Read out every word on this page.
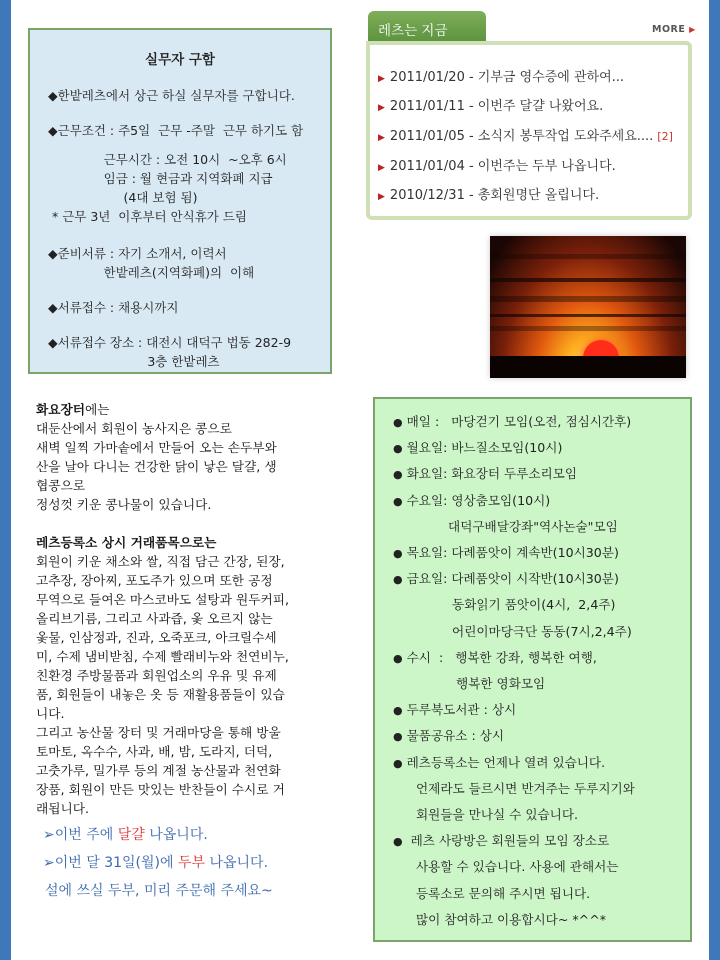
실무자 구함
◆한밭레츠에서 상근 하실 실무자를 구합니다.
◆근무조건 : 주5일  근무 -주말  근무 하기도 함
근무시간 : 오전 10시  ~오후 6시
임금 : 월 현금과 지역화폐 지급
(4대 보험 됨)
* 근무 3년  이후부터 안식휴가 드림
◆준비서류 : 자기 소개서, 이력서
한밭레츠(지역화폐)의  이해
◆서류접수 : 채용시까지
◆서류접수 장소 : 대전시 대덕구 법동 282-9
3층 한밭레츠
레츠는 지금	MORE ▶
▶ 2011/01/20 - 기부금 영수증에 관하여...
▶ 2011/01/11 - 이번주 달걀 나왔어요.
▶ 2011/01/05 - 소식지 봉투작업 도와주세요.... [2]
▶ 2011/01/04 - 이번주는 두부 나옵니다.
▶ 2010/12/31 - 총회원명단 올립니다.
화요장터에는
대둔산에서 회원이 농사지은 콩으로
새벽 일찍 가마솥에서 만들어 오는 손두부와
산을 날아 다니는 건강한 닭이 낳은 달걀, 생
협콩으로
정성껏 키운 콩나물이 있습니다.

레츠등록소 상시 거래품목으로는
회원이 키운 채소와 쌀, 직접 담근 간장, 된장,
고추장, 장아찌, 포도주가 있으며 또한 공정
무역으로 들여온 마스코바도 설탕과 원두커피,
올리브기름, 그리고 사과즙, 옻 오르지 않는
옻물, 인삼정과, 진과, 오죽포크, 아크릴수세
미, 수제 냄비받침, 수제 빨래비누와 천연비누,
친환경 주방물품과 회원업소의 우유 및 유제
품, 회원들이 내놓은 옷 등 재활용품들이 있습
니다.
그리고 농산물 장터 및 거래마당을 통해 방울
토마토, 옥수수, 사과, 배, 밤, 도라지, 더덕,
고춧가루, 밀가루 등의 계절 농산물과 천연화
장품, 회원이 만든 맛있는 반찬들이 수시로 거
래됩니다.
➢이번 주에 달걀 나옵니다.
➢이번 달 31일(월)에 두부 나옵니다.
설에 쓰실 두부, 미리 주문해 주세요~
● 매일 :   마당걷기 모임(오전, 점심시간후)
● 월요일: 바느질소모임(10시)
● 화요일: 화요장터 두루소리모임
● 수요일: 영상춤모임(10시)
대덕구배달강좌"역사논술"모임
● 목요일: 다례품앗이 계속반(10시30분)
● 금요일: 다례품앗이 시작반(10시30분)
동화읽기 품앗이(4시,  2,4주)
어린이마당극단 동동(7시,2,4주)
● 수시  :   행복한 강좌, 행복한 여행,
행복한 영화모임
● 두루북도서관 : 상시
● 물품공유소 : 상시
● 레츠등록소는 언제나 열려 있습니다.
언제라도 들르시면 반겨주는 두루지기와
회원들을 만나실 수 있습니다.
● 레츠 사랑방은 회원들의 모임 장소로
사용할 수 있습니다. 사용에 관해서는
등록소로 문의해 주시면 됩니다.
많이 참여하고 이용합시다~ *^^*
